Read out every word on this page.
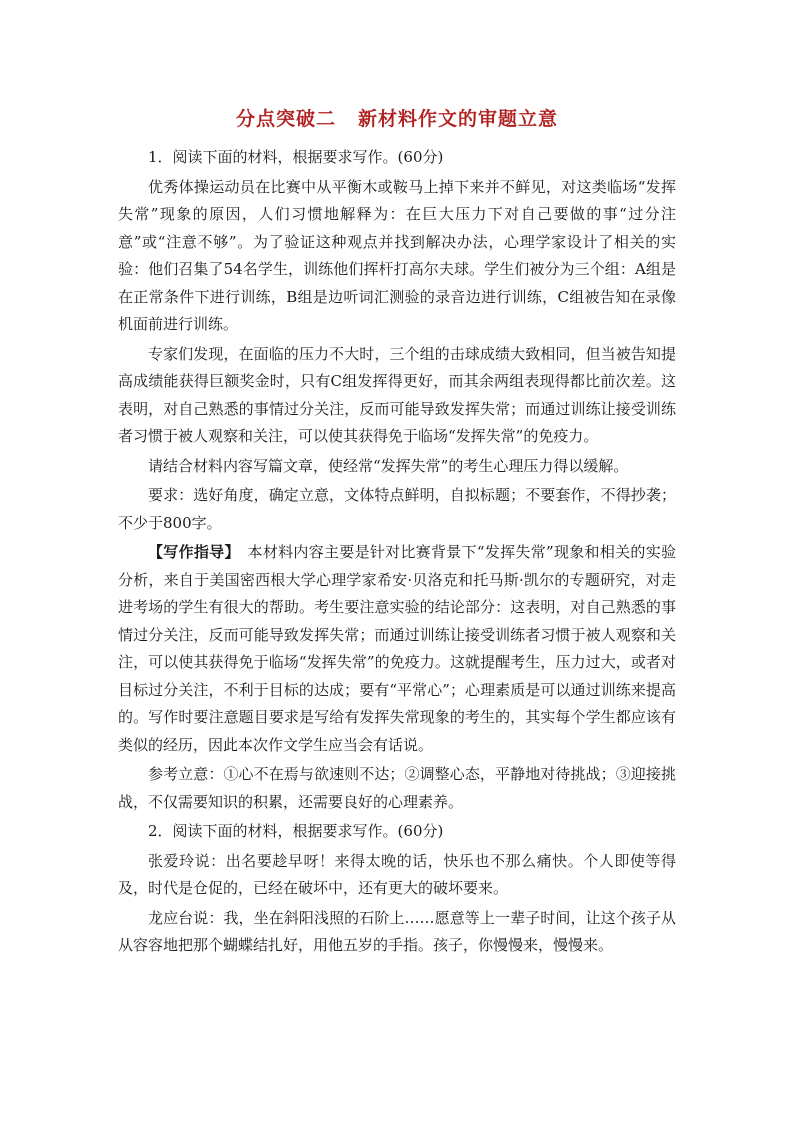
分点突破二 新材料作文的审题立意

1．阅读下面的材料，根据要求写作。(60分)

优秀体操运动员在比赛中从平衡木或鞍马上掉下来并不鲜见，对这类临场“发挥失常”现象的原因，人们习惯地解释为：在巨大压力下对自己要做的事“过分注意”或“注意不够”。为了验证这种观点并找到解决办法，心理学家设计了相关的实验：他们召集了54名学生，训练他们挥杆打高尔夫球。学生们被分为三个组：A组是在正常条件下进行训练，B组是边听词汇测验的录音边进行训练，C组被告知在录像机面前进行训练。

专家们发现，在面临的压力不大时，三个组的击球成绩大致相同，但当被告知提高成绩能获得巨额奖金时，只有C组发挥得更好，而其余两组表现得都比前次差。这表明，对自己熟悉的事情过分关注，反而可能导致发挥失常；而通过训练让接受训练者习惯于被人观察和关注，可以使其获得免于临场“发挥失常”的免疫力。

请结合材料内容写篇文章，使经常“发挥失常”的考生心理压力得以缓解。

要求：选好角度，确定立意，文体特点鲜明，自拟标题；不要套作，不得抄袭；不少于800字。

【写作指导】　 本材料内容主要是针对比赛背景下“发挥失常”现象和相关的实验分析，来自于美国密西根大学心理学家希安·贝洛克和托马斯·凯尔的专题研究，对走进考场的学生有很大的帮助。考生要注意实验的结论部分：这表明，对自己熟悉的事情过分关注，反而可能导致发挥失常；而通过训练让接受训练者习惯于被人观察和关注，可以使其获得免于临场“发挥失常”的免疫力。这就提醒考生，压力过大，或者对目标过分关注，不利于目标的达成；要有“平常心”；心理素质是可以通过训练来提高的。写作时要注意题目要求是写给有发挥失常现象的考生的，其实每个学生都应该有类似的经历，因此本次作文学生应当会有话说。

参考立意：①心不在焉与欲速则不达；②调整心态，平静地对待挑战；③迎接挑战，不仅需要知识的积累，还需要良好的心理素养。

2．阅读下面的材料，根据要求写作。(60分)

张爱玲说：出名要趁早呀！来得太晚的话，快乐也不那么痛快。个人即使等得及，时代是仓促的，已经在破坏中，还有更大的破坏要来。

龙应台说：我，坐在斜阳浅照的石阶上……愿意等上一辈子时间，让这个孩子从从容容地把那个蝴蝶结扎好，用他五岁的手指。孩子，你慢慢来，慢慢来。
